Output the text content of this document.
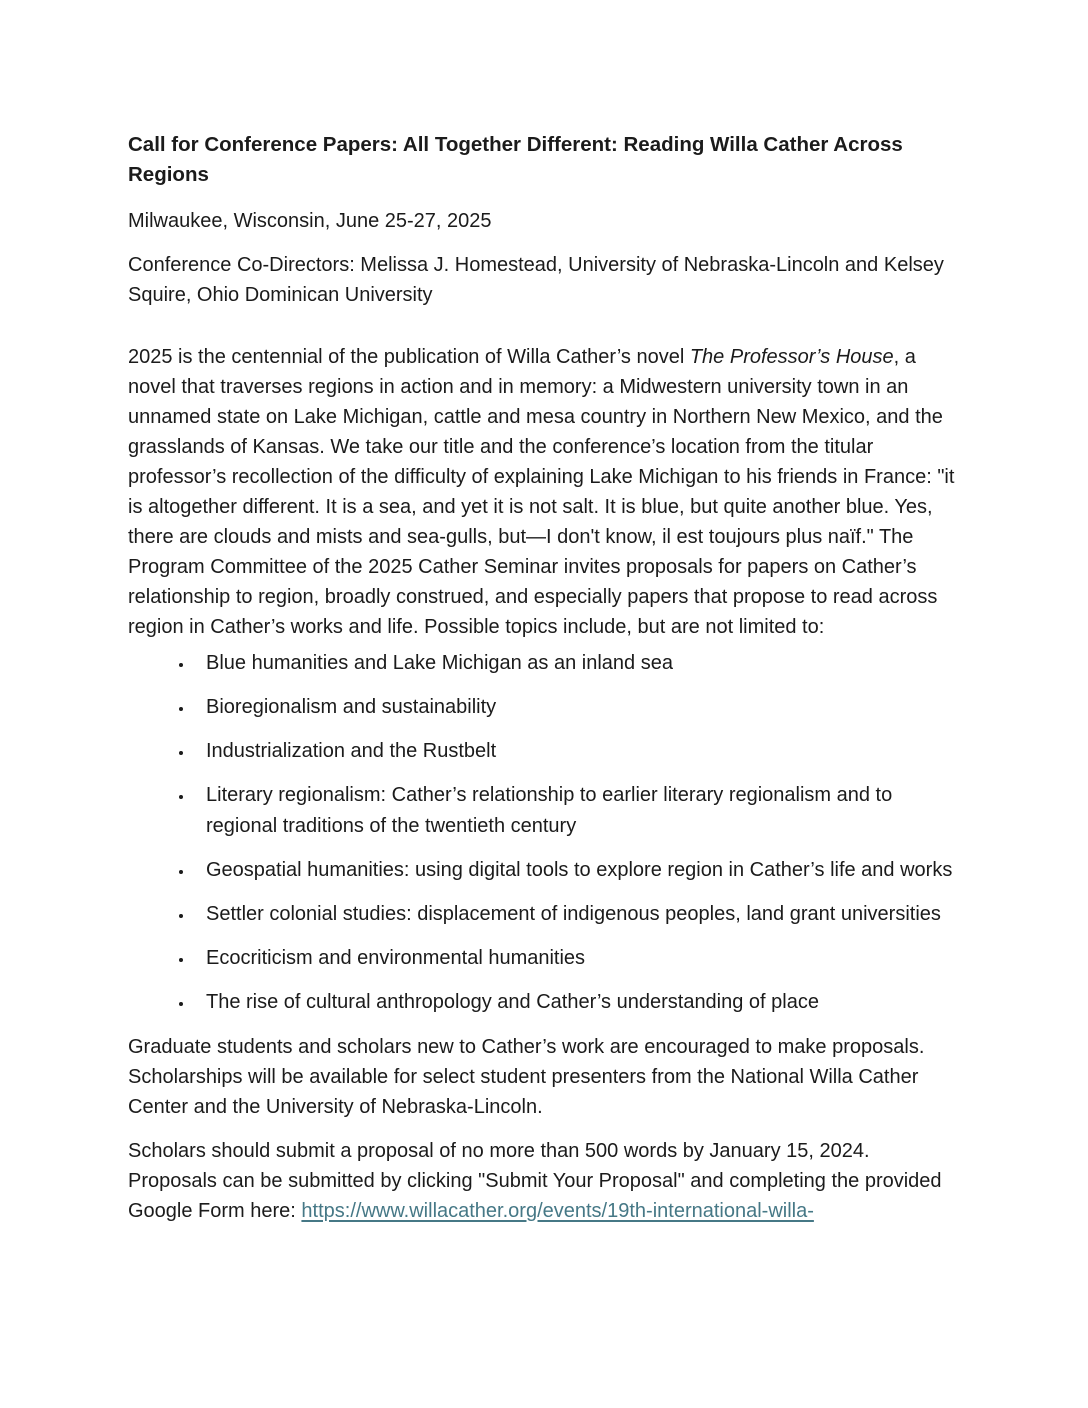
Call for Conference Papers: All Together Different: Reading Willa Cather Across Regions

Milwaukee, Wisconsin, June 25-27, 2025

Conference Co-Directors: Melissa J. Homestead, University of Nebraska-Lincoln and Kelsey Squire, Ohio Dominican University

2025 is the centennial of the publication of Willa Cather’s novel The Professor’s House, a novel that traverses regions in action and in memory: a Midwestern university town in an unnamed state on Lake Michigan, cattle and mesa country in Northern New Mexico, and the grasslands of Kansas. We take our title and the conference’s location from the titular professor’s recollection of the difficulty of explaining Lake Michigan to his friends in France: "it is altogether different. It is a sea, and yet it is not salt. It is blue, but quite another blue. Yes, there are clouds and mists and sea-gulls, but—I don't know, il est toujours plus naïf." The Program Committee of the 2025 Cather Seminar invites proposals for papers on Cather’s relationship to region, broadly construed, and especially papers that propose to read across region in Cather’s works and life. Possible topics include, but are not limited to:

• Blue humanities and Lake Michigan as an inland sea
• Bioregionalism and sustainability
• Industrialization and the Rustbelt
• Literary regionalism: Cather’s relationship to earlier literary regionalism and to regional traditions of the twentieth century
• Geospatial humanities: using digital tools to explore region in Cather’s life and works
• Settler colonial studies: displacement of indigenous peoples, land grant universities
• Ecocriticism and environmental humanities
• The rise of cultural anthropology and Cather’s understanding of place

Graduate students and scholars new to Cather’s work are encouraged to make proposals. Scholarships will be available for select student presenters from the National Willa Cather Center and the University of Nebraska-Lincoln.

Scholars should submit a proposal of no more than 500 words by January 15, 2024. Proposals can be submitted by clicking "Submit Your Proposal" and completing the provided Google Form here: https://www.willacather.org/events/19th-international-willa-
